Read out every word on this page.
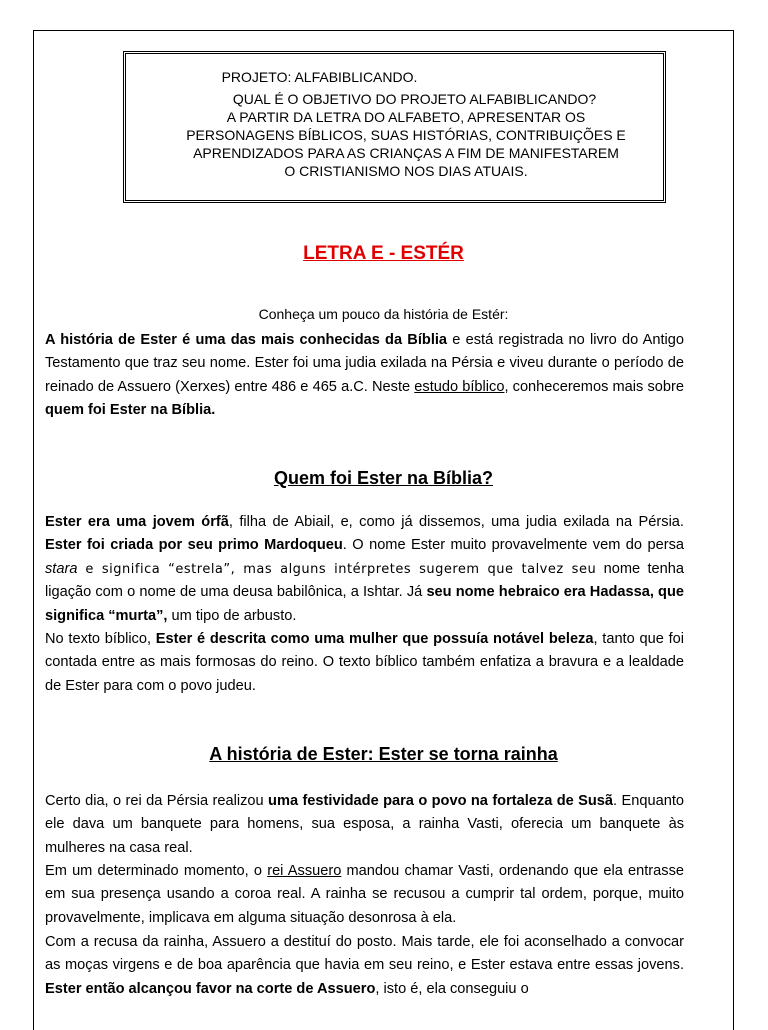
PROJETO: ALFABIBLICANDO.
QUAL É O OBJETIVO DO PROJETO ALFABIBLICANDO?
A PARTIR DA LETRA DO ALFABETO, APRESENTAR OS PERSONAGENS BÍBLICOS, SUAS HISTÓRIAS, CONTRIBUIÇÕES E APRENDIZADOS PARA AS CRIANÇAS A FIM DE MANIFESTAREM O CRISTIANISMO NOS DIAS ATUAIS.
LETRA E - ESTÉR
Conheça um pouco da história de Estér:
A história de Ester é uma das mais conhecidas da Bíblia e está registrada no livro do Antigo Testamento que traz seu nome. Ester foi uma judia exilada na Pérsia e viveu durante o período de reinado de Assuero (Xerxes) entre 486 e 465 a.C. Neste estudo bíblico, conheceremos mais sobre quem foi Ester na Bíblia.
Quem foi Ester na Bíblia?
Ester era uma jovem órfã, filha de Abiail, e, como já dissemos, uma judia exilada na Pérsia. Ester foi criada por seu primo Mardoqueu. O nome Ester muito provavelmente vem do persa stara e significa “estrela”, mas alguns intérpretes sugerem que talvez seu nome tenha ligação com o nome de uma deusa babilônica, a Ishtar. Já seu nome hebraico era Hadassa, que significa “murta”, um tipo de arbusto.
No texto bíblico, Ester é descrita como uma mulher que possuía notável beleza, tanto que foi contada entre as mais formosas do reino. O texto bíblico também enfatiza a bravura e a lealdade de Ester para com o povo judeu.
A história de Ester: Ester se torna rainha
Certo dia, o rei da Pérsia realizou uma festividade para o povo na fortaleza de Susã. Enquanto ele dava um banquete para homens, sua esposa, a rainha Vasti, oferecia um banquete às mulheres na casa real.
Em um determinado momento, o rei Assuero mandou chamar Vasti, ordenando que ela entrasse em sua presença usando a coroa real. A rainha se recusou a cumprir tal ordem, porque, muito provavelmente, implicava em alguma situação desonrosa à ela.
Com a recusa da rainha, Assuero a destituí do posto. Mais tarde, ele foi aconselhado a convocar as moças virgens e de boa aparência que havia em seu reino, e Ester estava entre essas jovens. Ester então alcançou favor na corte de Assuero, isto é, ela conseguiu o
